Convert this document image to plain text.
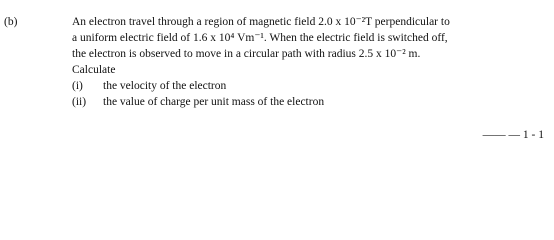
(b)	An electron travel through a region of magnetic field 2.0 x 10⁻²T perpendicular to
a uniform electric field of 1.6 x 10⁴ Vm⁻¹. When the electric field is switched off,
the electron is observed to move in a circular path with radius 2.5 x 10⁻² m.
Calculate
(i)	the velocity of the electron
(ii)	the value of charge per unit mass of the electron
—— — 1 - 1
